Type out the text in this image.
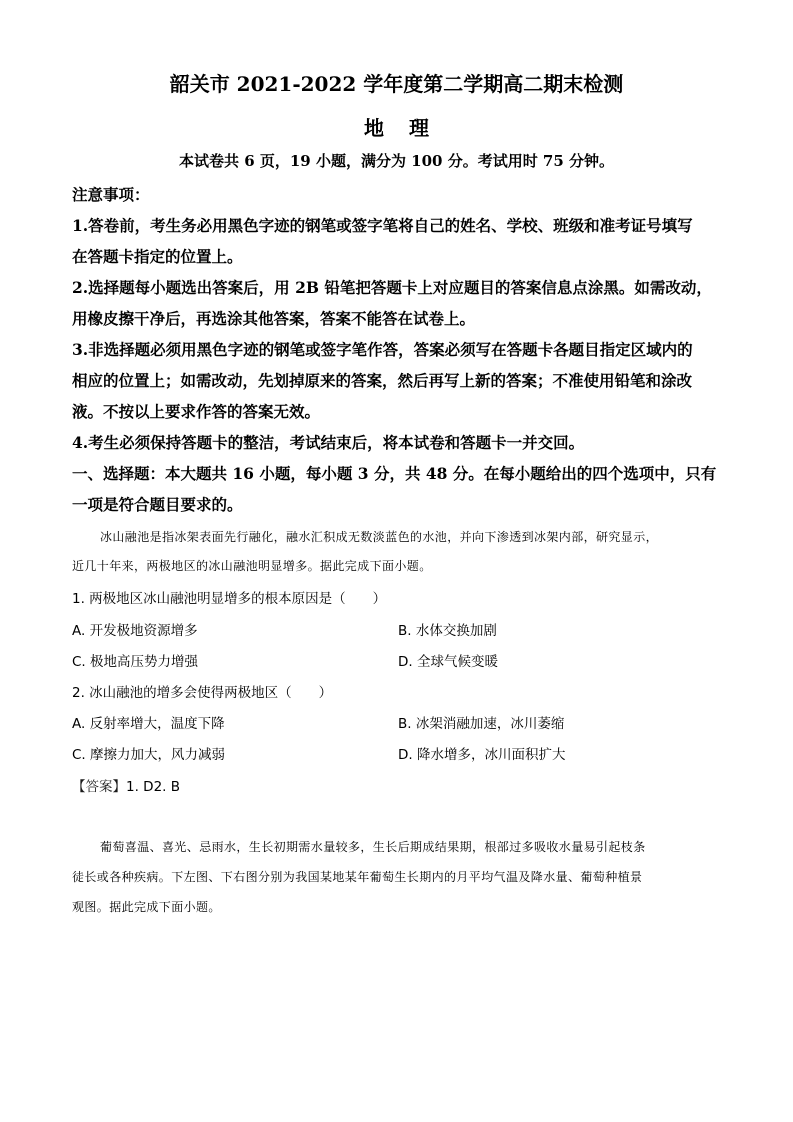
韶关市 2021-2022 学年度第二学期高二期末检测
地 理
本试卷共 6 页，19 小题，满分为 100 分。考试用时 75 分钟。
注意事项：
1.答卷前，考生务必用黑色字迹的钢笔或签字笔将自己的姓名、学校、班级和准考证号填写
在答题卡指定的位置上。
2.选择题每小题选出答案后，用 2B 铅笔把答题卡上对应题目的答案信息点涂黑。如需改动，
用橡皮擦干净后，再选涂其他答案，答案不能答在试卷上。
3.非选择题必须用黑色字迹的钢笔或签字笔作答，答案必须写在答题卡各题目指定区域内的
相应的位置上；如需改动，先划掉原来的答案，然后再写上新的答案；不准使用铅笔和涂改
液。不按以上要求作答的答案无效。
4.考生必须保持答题卡的整洁，考试结束后，将本试卷和答题卡一并交回。
一、选择题：本大题共 16 小题，每小题 3 分，共 48 分。在每小题给出的四个选项中，只有
一项是符合题目要求的。
冰山融池是指冰架表面先行融化，融水汇积成无数淡蓝色的水池，并向下渗透到冰架内部，研究显示，
近几十年来，两极地区的冰山融池明显增多。据此完成下面小题。
1. 两极地区冰山融池明显增多的根本原因是（　　）
A. 开发极地资源增多	B. 水体交换加剧
C. 极地高压势力增强	D. 全球气候变暖
2. 冰山融池的增多会使得两极地区（　　）
A. 反射率增大，温度下降	B. 冰架消融加速，冰川萎缩
C. 摩擦力加大，风力减弱	D. 降水增多，冰川面积扩大
【答案】1. D2. B
葡萄喜温、喜光、忌雨水，生长初期需水量较多，生长后期成结果期，根部过多吸收水量易引起枝条
徒长或各种疾病。下左图、下右图分别为我国某地某年葡萄生长期内的月平均气温及降水量、葡萄种植景
观图。据此完成下面小题。
